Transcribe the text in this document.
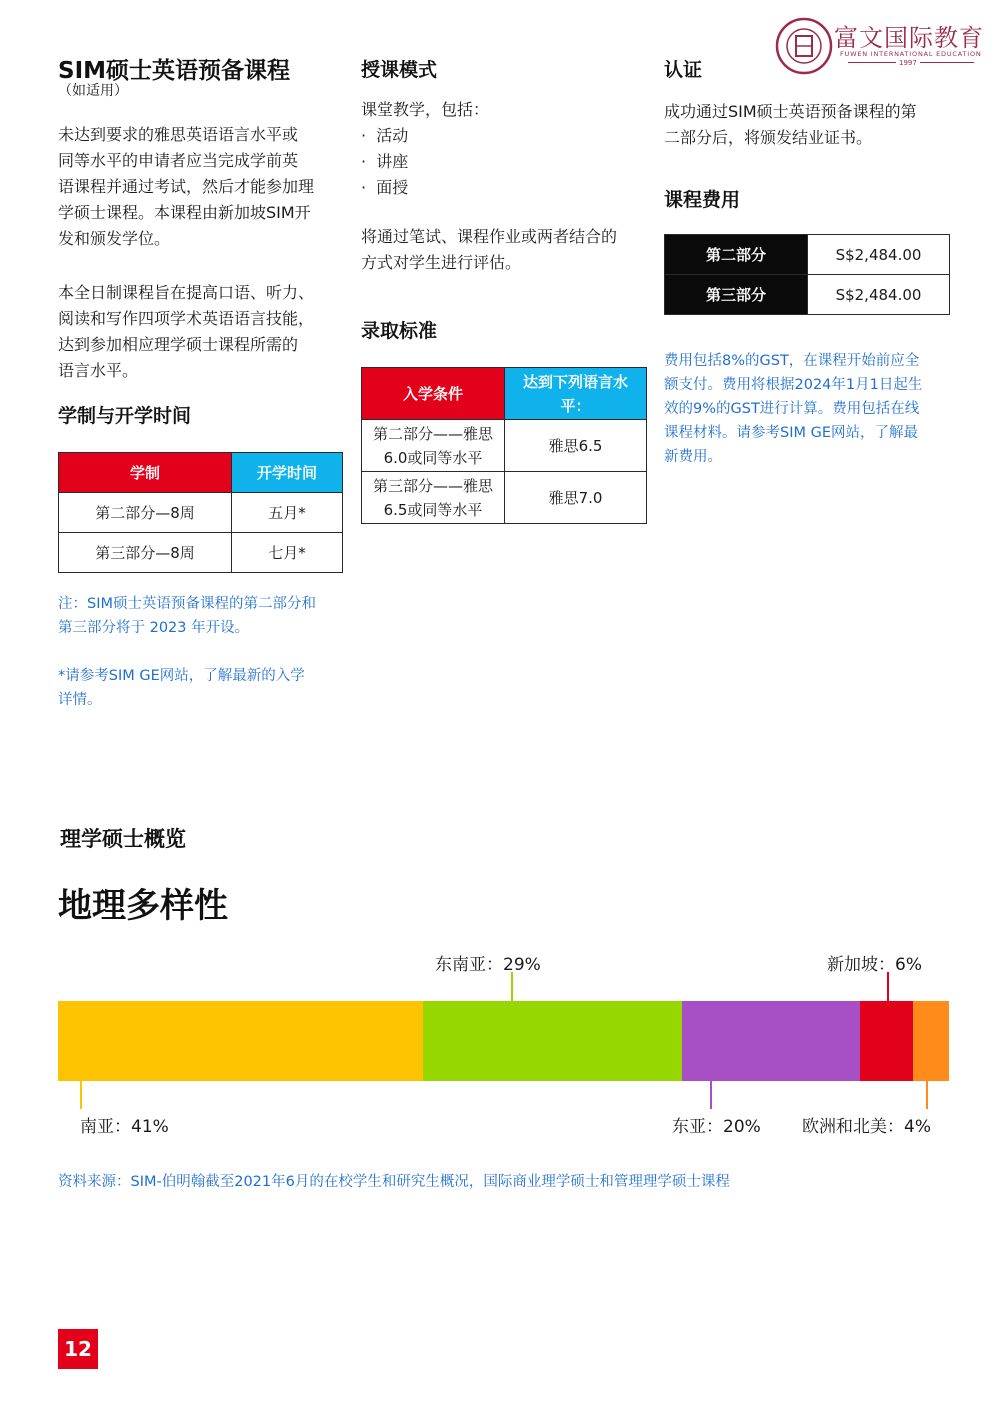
富文国际教育
FUWEN INTERNATIONAL EDUCATION
1997
SIM硕士英语预备课程
（如适用）
未达到要求的雅思英语语言水平或
同等水平的申请者应当完成学前英
语课程并通过考试，然后才能参加理
学硕士课程。本课程由新加坡SIM开
发和颁发学位。
本全日制课程旨在提高口语、听力、
阅读和写作四项学术英语语言技能，
达到参加相应理学硕士课程所需的
语言水平。
学制与开学时间
学制	开学时间
第二部分—8周	五月*
第三部分—8周	七月*
注：SIM硕士英语预备课程的第二部分和
第三部分将于 2023 年开设。
*请参考SIM GE网站，了解最新的入学
详情。
授课模式
课堂教学，包括：
·  活动
·  讲座
·  面授
将通过笔试、课程作业或两者结合的
方式对学生进行评估。
录取标准
入学条件	达到下列语言水平：
第二部分——雅思6.0或同等水平	雅思6.5
第三部分——雅思6.5或同等水平	雅思7.0
认证
成功通过SIM硕士英语预备课程的第
二部分后，将颁发结业证书。
课程费用
第二部分	S$2,484.00
第三部分	S$2,484.00
费用包括8%的GST，在课程开始前应全
额支付。费用将根据2024年1月1日起生
效的9%的GST进行计算。费用包括在线
课程材料。请参考SIM GE网站，了解最
新费用。
理学硕士概览
地理多样性
南亚：41%
东南亚：29%
东亚：20%
新加坡：6%
欧洲和北美：4%
资料来源：SIM-伯明翰截至2021年6月的在校学生和研究生概况，国际商业理学硕士和管理理学硕士课程
12
